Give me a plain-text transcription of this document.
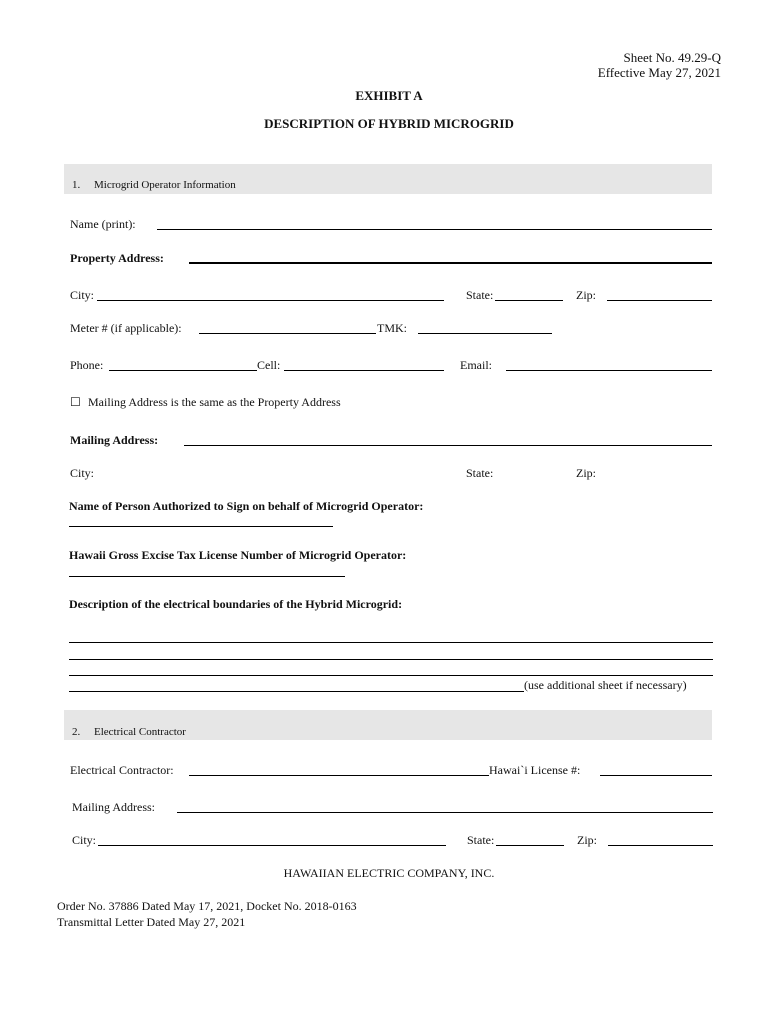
Sheet No. 49.29-Q
Effective May 27, 2021
EXHIBIT A
DESCRIPTION OF HYBRID MICROGRID
1. Microgrid Operator Information
Name (print):
Property Address:
City:	State:	Zip:
Meter # (if applicable):	TMK:
Phone:	Cell:	Email:
☐ Mailing Address is the same as the Property Address
Mailing Address:
City:	State:	Zip:
Name of Person Authorized to Sign on behalf of Microgrid Operator:
Hawaii Gross Excise Tax License Number of Microgrid Operator:
Description of the electrical boundaries of the Hybrid Microgrid:
(use additional sheet if necessary)
2. Electrical Contractor
Electrical Contractor:	Hawai`i License #:
Mailing Address:
City:	State:	Zip:
HAWAIIAN ELECTRIC COMPANY, INC.
Order No. 37886 Dated May 17, 2021, Docket No. 2018-0163
Transmittal Letter Dated May 27, 2021
